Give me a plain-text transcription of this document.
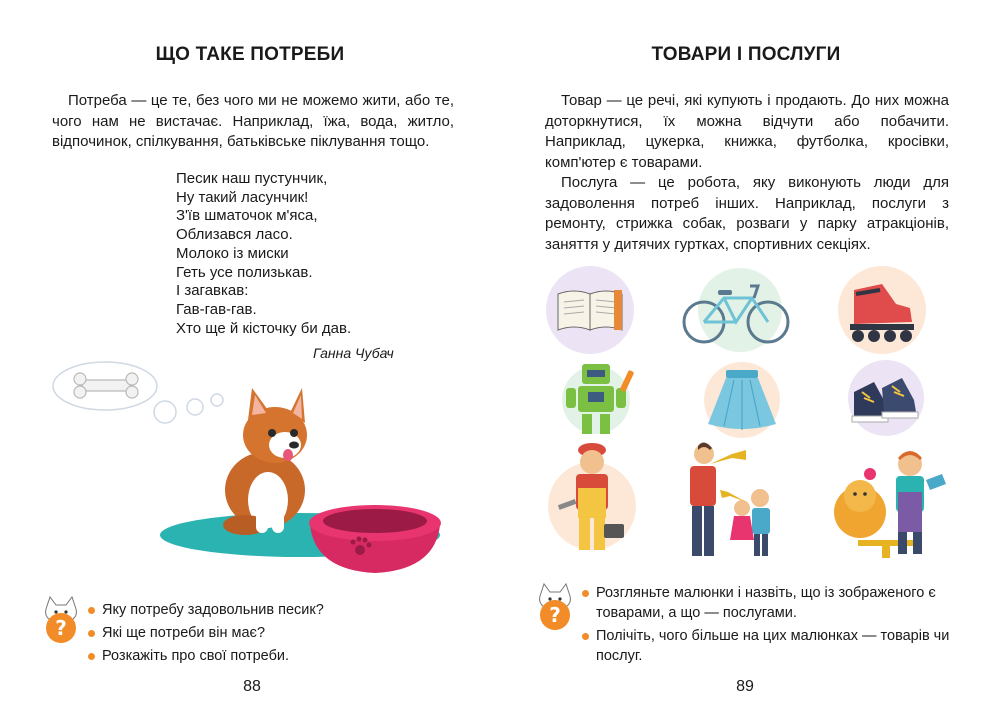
ЩО ТАКЕ ПОТРЕБИ

Потреба — це те, без чого ми не можемо жити, або те, чого нам не вистачає. Наприклад, їжа, вода, житло, відпочинок, спілкування, батьківське піклування тощо.

Песик наш пустунчик,
Ну такий ласунчик!
З'їв шматочок м'яса,
Облизався ласо.
Молоко із миски
Геть усе полизькав.
І загавкав:
Гав-гав-гав.
Хто ще й кісточку би дав.
Ганна Чубач
?
Яку потребу задовольнив песик?
Які ще потреби він має?
Розкажіть про свої потреби.
88
ТОВАРИ І ПОСЛУГИ

Товар — це речі, які купують і продають. До них можна доторкнутися, їх можна відчути або побачити. Наприклад, цукерка, книжка, футболка, кросівки, комп'ютер є товарами.

Послуга — це робота, яку виконують люди для задоволення потреб інших. Наприклад, послуги з ремонту, стрижка собак, розваги у парку атракціонів, заняття у дитячих гуртках, спортивних секціях.

?
Розгляньте малюнки і назвіть, що із зображеного є товарами, а що — послугами.
Полічіть, чого більше на цих малюнках — товарів чи послуг.
89
